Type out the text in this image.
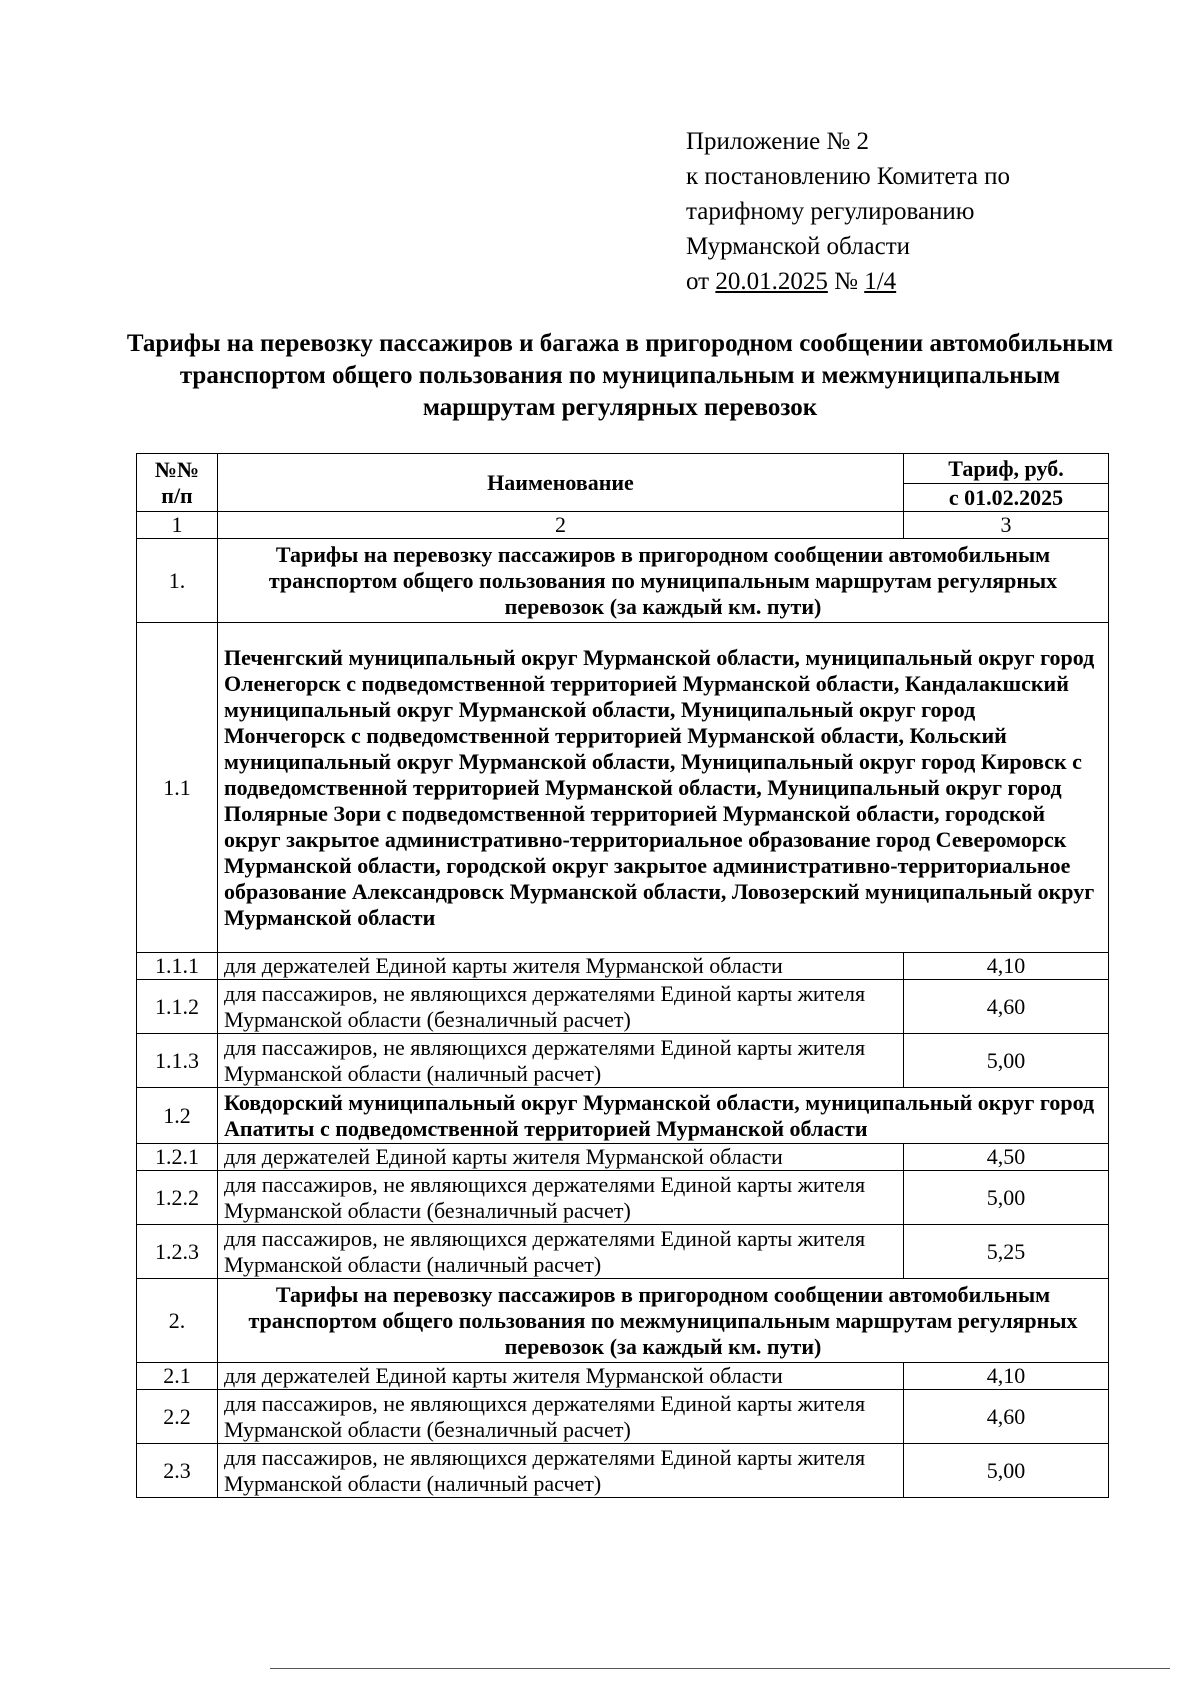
Приложение № 2
к постановлению Комитета по
тарифному регулированию
Мурманской области
от 20.01.2025 № 1/4
Тарифы на перевозку пассажиров и багажа в пригородном сообщении автомобильным транспортом общего пользования по муниципальным и межмуниципальным маршрутам регулярных перевозок
№№ п/п	Наименование	Тариф, руб.
		с 01.02.2025
1	2	3
1.	Тарифы на перевозку пассажиров в пригородном сообщении автомобильным транспортом общего пользования по муниципальным маршрутам регулярных перевозок (за каждый км. пути)	
1.1	Печенгский муниципальный округ Мурманской области, муниципальный округ город Оленегорск с подведомственной территорией Мурманской области, Кандалакшский муниципальный округ Мурманской области, Муниципальный округ город Мончегорск с подведомственной территорией Мурманской области, Кольский муниципальный округ Мурманской области, Муниципальный округ город Кировск с подведомственной территорией Мурманской области, Муниципальный округ город Полярные Зори с подведомственной территорией Мурманской области, городской округ закрытое административно-территориальное образование город Североморск Мурманской области, городской округ закрытое административно-территориальное образование Александровск Мурманской области, Ловозерский муниципальный округ Мурманской области	
1.1.1	для держателей Единой карты жителя Мурманской области	4,10
1.1.2	для пассажиров, не являющихся держателями Единой карты жителя Мурманской области (безналичный расчет)	4,60
1.1.3	для пассажиров, не являющихся держателями Единой карты жителя Мурманской области (наличный расчет)	5,00
1.2	Ковдорский муниципальный округ Мурманской области, муниципальный округ город Апатиты с подведомственной территорией Мурманской области	
1.2.1	для держателей Единой карты жителя Мурманской области	4,50
1.2.2	для пассажиров, не являющихся держателями Единой карты жителя Мурманской области (безналичный расчет)	5,00
1.2.3	для пассажиров, не являющихся держателями Единой карты жителя Мурманской области (наличный расчет)	5,25
2.	Тарифы на перевозку пассажиров в пригородном сообщении автомобильным транспортом общего пользования по межмуниципальным маршрутам регулярных перевозок (за каждый км. пути)	
2.1	для держателей Единой карты жителя Мурманской области	4,10
2.2	для пассажиров, не являющихся держателями Единой карты жителя Мурманской области (безналичный расчет)	4,60
2.3	для пассажиров, не являющихся держателями Единой карты жителя Мурманской области (наличный расчет)	5,00
